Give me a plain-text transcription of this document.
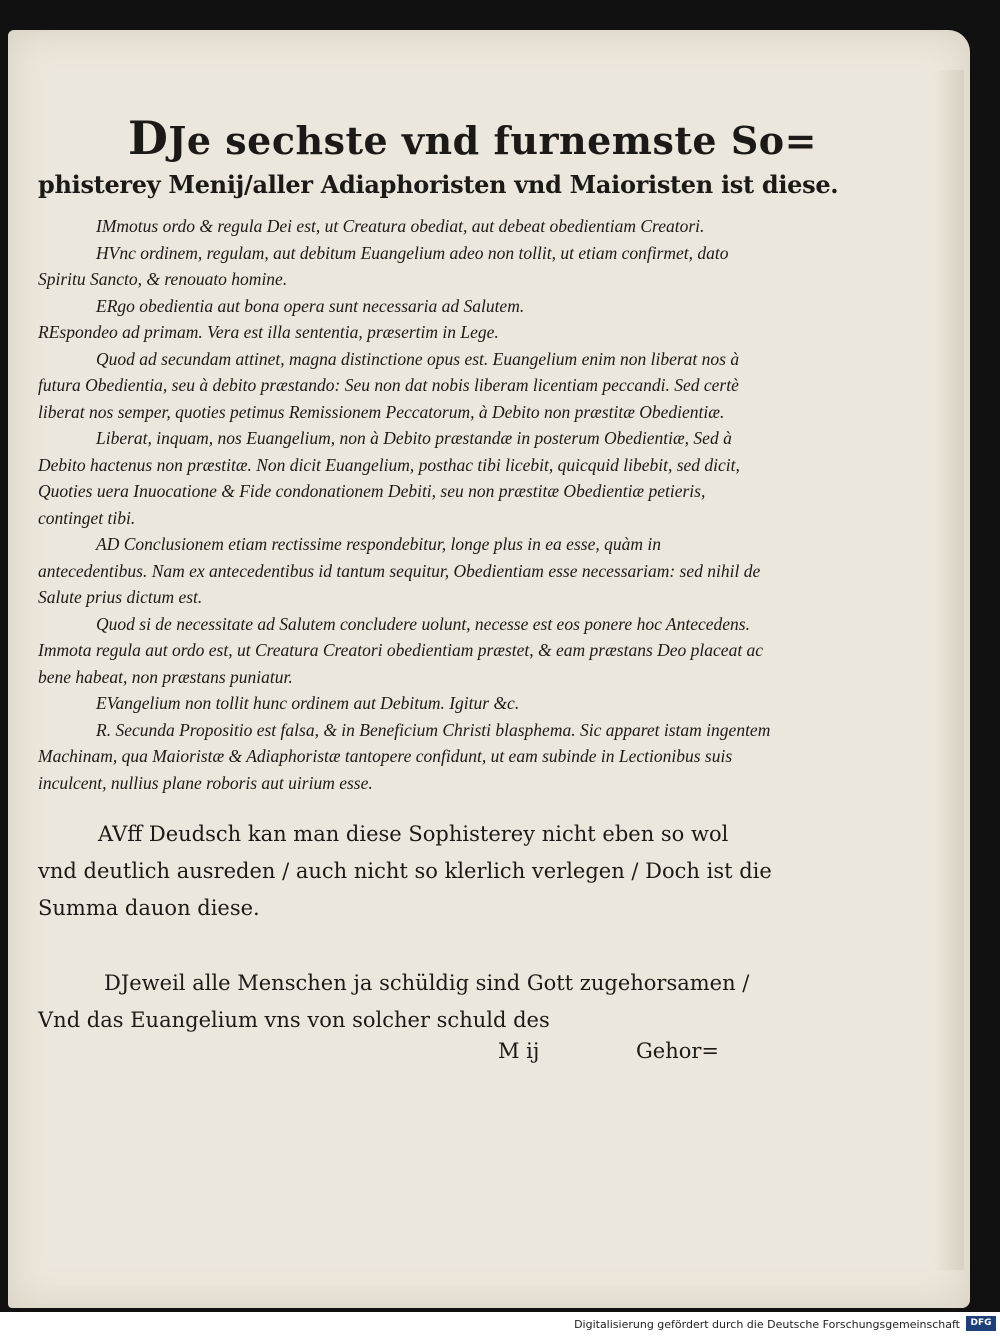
DJe sechste vnd furnemste So=
phisterey Menij/aller Adiaphoristen vnd Maioristen ist diese.

IMmotus ordo & regula Dei est, ut Creatura obediat, aut debeat obedientiam Creatori.

HVnc ordinem, regulam, aut debitum Euangelium adeo non tollit, ut etiam confirmet, dato Spiritu Sancto, & renouato homine.

ERgo obedientia aut bona opera sunt necessaria ad Salutem.

REspondeo ad primam. Vera est illa sententia, præsertim in Lege.

Quod ad secundam attinet, magna distinctione opus est. Euangelium enim non liberat nos à futura Obedientia, seu à debito præstando: Seu non dat nobis liberam licentiam peccandi. Sed certè liberat nos semper, quoties petimus Remissionem Peccatorum, à Debito non præstitæ Obedientiæ.

Liberat, inquam, nos Euangelium, non à Debito præstandæ in posterum Obedientiæ, Sed à Debito hactenus non præstitæ. Non dicit Euangelium, posthac tibi licebit, quicquid libebit, sed dicit, Quoties uera Inuocatione & Fide condonationem Debiti, seu non præstitæ Obedientiæ petieris, continget tibi.

AD Conclusionem etiam rectissime respondebitur, longe plus in ea esse, quàm in antecedentibus. Nam ex antecedentibus id tantum sequitur, Obedientiam esse necessariam: sed nihil de Salute prius dictum est.

Quod si de necessitate ad Salutem concludere uolunt, necesse est eos ponere hoc Antecedens. Immota regula aut ordo est, ut Creatura Creatori obedientiam præstet, & eam præstans Deo placeat ac bene habeat, non præstans puniatur.

EVangelium non tollit hunc ordinem aut Debitum. Igitur &c.

R. Secunda Propositio est falsa, & in Beneficium Christi blasphema. Sic apparet istam ingentem Machinam, qua Maioristæ & Adiaphoristæ tantopere confidunt, ut eam subinde in Lectionibus suis inculcent, nullius plane roboris aut uirium esse.

AVff Deudsch kan man diese Sophisterey nicht eben so wol vnd deutlich ausreden / auch nicht so klerlich verlegen / Doch ist die Summa dauon diese.

DJeweil alle Menschen ja schüldig sind Gott zugehorsamen / Vnd das Euangelium vns von solcher schuld des

M ij	Gehor=
Digitalisierung gefördert durch die Deutsche Forschungsgemeinschaft	DFG
